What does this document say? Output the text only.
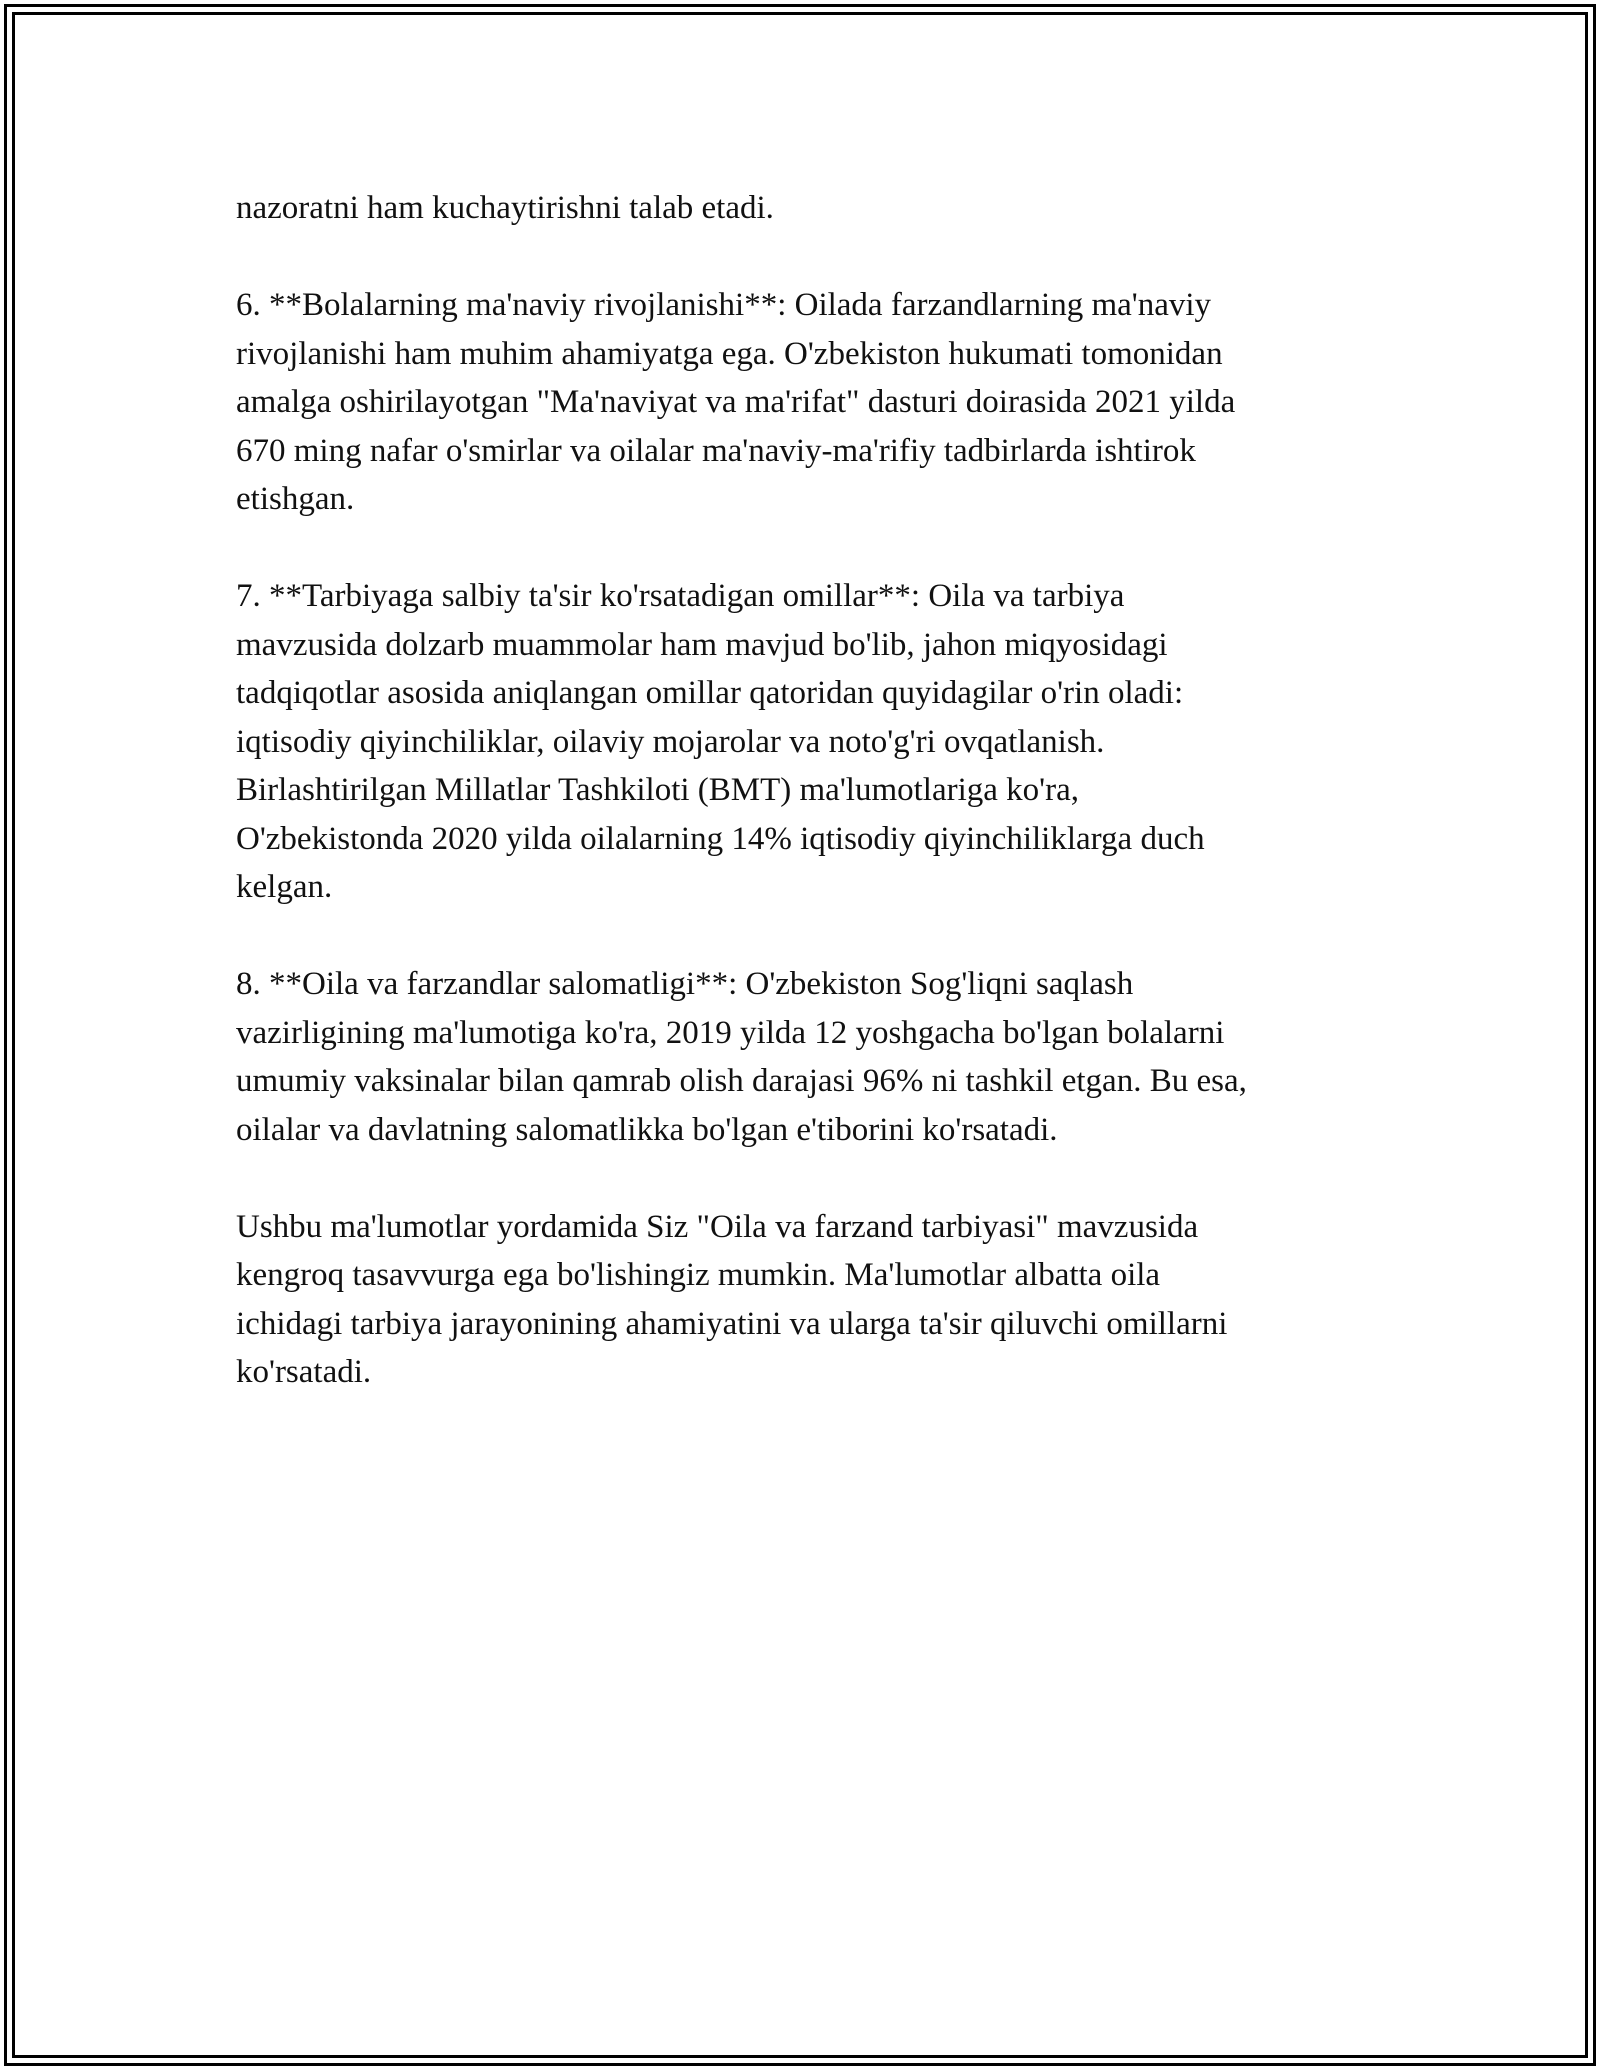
nazoratni ham kuchaytirishni talab etadi.

6. **Bolalarning ma'naviy rivojlanishi**: Oilada farzandlarning ma'naviy
rivojlanishi ham muhim ahamiyatga ega. O'zbekiston hukumati tomonidan
amalga oshirilayotgan "Ma'naviyat va ma'rifat" dasturi doirasida 2021 yilda
670 ming nafar o'smirlar va oilalar ma'naviy-ma'rifiy tadbirlarda ishtirok
etishgan.

7. **Tarbiyaga salbiy ta'sir ko'rsatadigan omillar**: Oila va tarbiya
mavzusida dolzarb muammolar ham mavjud bo'lib, jahon miqyosidagi
tadqiqotlar asosida aniqlangan omillar qatoridan quyidagilar o'rin oladi:
iqtisodiy qiyinchiliklar, oilaviy mojarolar va noto'g'ri ovqatlanish.
Birlashtirilgan Millatlar Tashkiloti (BMT) ma'lumotlariga ko'ra,
O'zbekistonda 2020 yilda oilalarning 14% iqtisodiy qiyinchiliklarga duch
kelgan.

8. **Oila va farzandlar salomatligi**: O'zbekiston Sog'liqni saqlash
vazirligining ma'lumotiga ko'ra, 2019 yilda 12 yoshgacha bo'lgan bolalarni
umumiy vaksinalar bilan qamrab olish darajasi 96% ni tashkil etgan. Bu esa,
oilalar va davlatning salomatlikka bo'lgan e'tiborini ko'rsatadi.

Ushbu ma'lumotlar yordamida Siz "Oila va farzand tarbiyasi" mavzusida
kengroq tasavvurga ega bo'lishingiz mumkin. Ma'lumotlar albatta oila
ichidagi tarbiya jarayonining ahamiyatini va ularga ta'sir qiluvchi omillarni
ko'rsatadi.
